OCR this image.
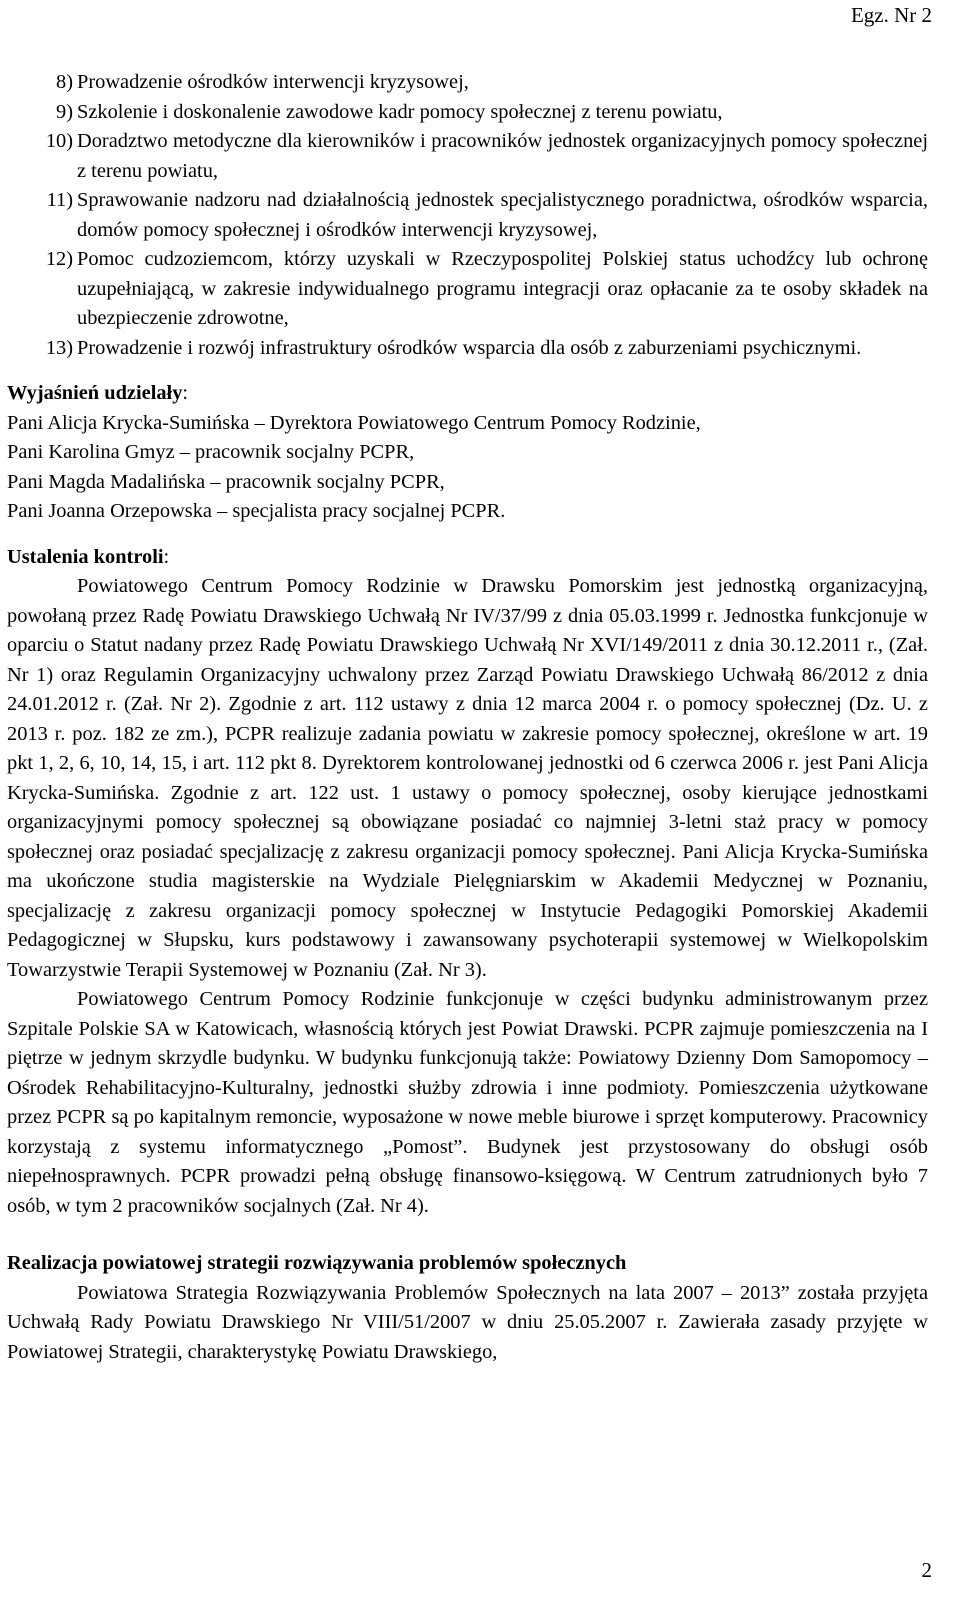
Egz. Nr 2
8) Prowadzenie ośrodków interwencji kryzysowej,
9) Szkolenie i doskonalenie zawodowe kadr pomocy społecznej z terenu powiatu,
10) Doradztwo metodyczne dla kierowników i pracowników jednostek organizacyjnych pomocy społecznej z terenu powiatu,
11) Sprawowanie nadzoru nad działalnością jednostek specjalistycznego poradnictwa, ośrodków wsparcia, domów pomocy społecznej i ośrodków interwencji kryzysowej,
12) Pomoc cudzoziemcom, którzy uzyskali w Rzeczypospolitej Polskiej status uchodźcy lub ochronę uzupełniającą, w zakresie indywidualnego programu integracji oraz opłacanie za te osoby składek na ubezpieczenie zdrowotne,
13) Prowadzenie i rozwój infrastruktury ośrodków wsparcia dla osób z zaburzeniami psychicznymi.
Wyjaśnień udzielały:
Pani Alicja Krycka-Sumińska – Dyrektora Powiatowego Centrum Pomocy Rodzinie,
Pani Karolina Gmyz – pracownik socjalny PCPR,
Pani Magda Madalińska – pracownik socjalny PCPR,
Pani Joanna Orzepowska – specjalista pracy socjalnej PCPR.
Ustalenia kontroli:

Powiatowego Centrum Pomocy Rodzinie w Drawsku Pomorskim jest jednostką organizacyjną, powołaną przez Radę Powiatu Drawskiego Uchwałą Nr IV/37/99 z dnia 05.03.1999 r. Jednostka funkcjonuje w oparciu o Statut nadany przez Radę Powiatu Drawskiego Uchwałą Nr XVI/149/2011 z dnia 30.12.2011 r., (Zał. Nr 1) oraz Regulamin Organizacyjny uchwalony przez Zarząd Powiatu Drawskiego Uchwałą 86/2012 z dnia 24.01.2012 r. (Zał. Nr 2). Zgodnie z art. 112 ustawy z dnia 12 marca 2004 r. o pomocy społecznej (Dz. U. z 2013 r. poz. 182 ze zm.), PCPR realizuje zadania powiatu w zakresie pomocy społecznej, określone w art. 19 pkt 1, 2, 6, 10, 14, 15, i art. 112 pkt 8. Dyrektorem kontrolowanej jednostki od 6 czerwca 2006 r. jest Pani Alicja Krycka-Sumińska. Zgodnie z art. 122 ust. 1 ustawy o pomocy społecznej, osoby kierujące jednostkami organizacyjnymi pomocy społecznej są obowiązane posiadać co najmniej 3-letni staż pracy w pomocy społecznej oraz posiadać specjalizację z zakresu organizacji pomocy społecznej. Pani Alicja Krycka-Sumińska ma ukończone studia magisterskie na Wydziale Pielęgniarskim w Akademii Medycznej w Poznaniu, specjalizację z zakresu organizacji pomocy społecznej w Instytucie Pedagogiki Pomorskiej Akademii Pedagogicznej w Słupsku, kurs podstawowy i zawansowany psychoterapii systemowej w Wielkopolskim Towarzystwie Terapii Systemowej w Poznaniu (Zał. Nr 3).

Powiatowego Centrum Pomocy Rodzinie funkcjonuje w części budynku administrowanym przez Szpitale Polskie SA w Katowicach, własnością których jest Powiat Drawski. PCPR zajmuje pomieszczenia na I piętrze w jednym skrzydle budynku. W budynku funkcjonują także: Powiatowy Dzienny Dom Samopomocy – Ośrodek Rehabilitacyjno-Kulturalny, jednostki służby zdrowia i inne podmioty. Pomieszczenia użytkowane przez PCPR są po kapitalnym remoncie, wyposażone w nowe meble biurowe i sprzęt komputerowy. Pracownicy korzystają z systemu informatycznego „Pomost”. Budynek jest przystosowany do obsługi osób niepełnosprawnych. PCPR prowadzi pełną obsługę finansowo-księgową. W Centrum zatrudnionych było 7 osób, w tym 2 pracowników socjalnych (Zał. Nr 4).

Realizacja powiatowej strategii rozwiązywania problemów społecznych

Powiatowa Strategia Rozwiązywania Problemów Społecznych na lata 2007 – 2013” została przyjęta Uchwałą Rady Powiatu Drawskiego Nr VIII/51/2007 w dniu 25.05.2007 r. Zawierała zasady przyjęte w Powiatowej Strategii, charakterystykę Powiatu Drawskiego,

2
